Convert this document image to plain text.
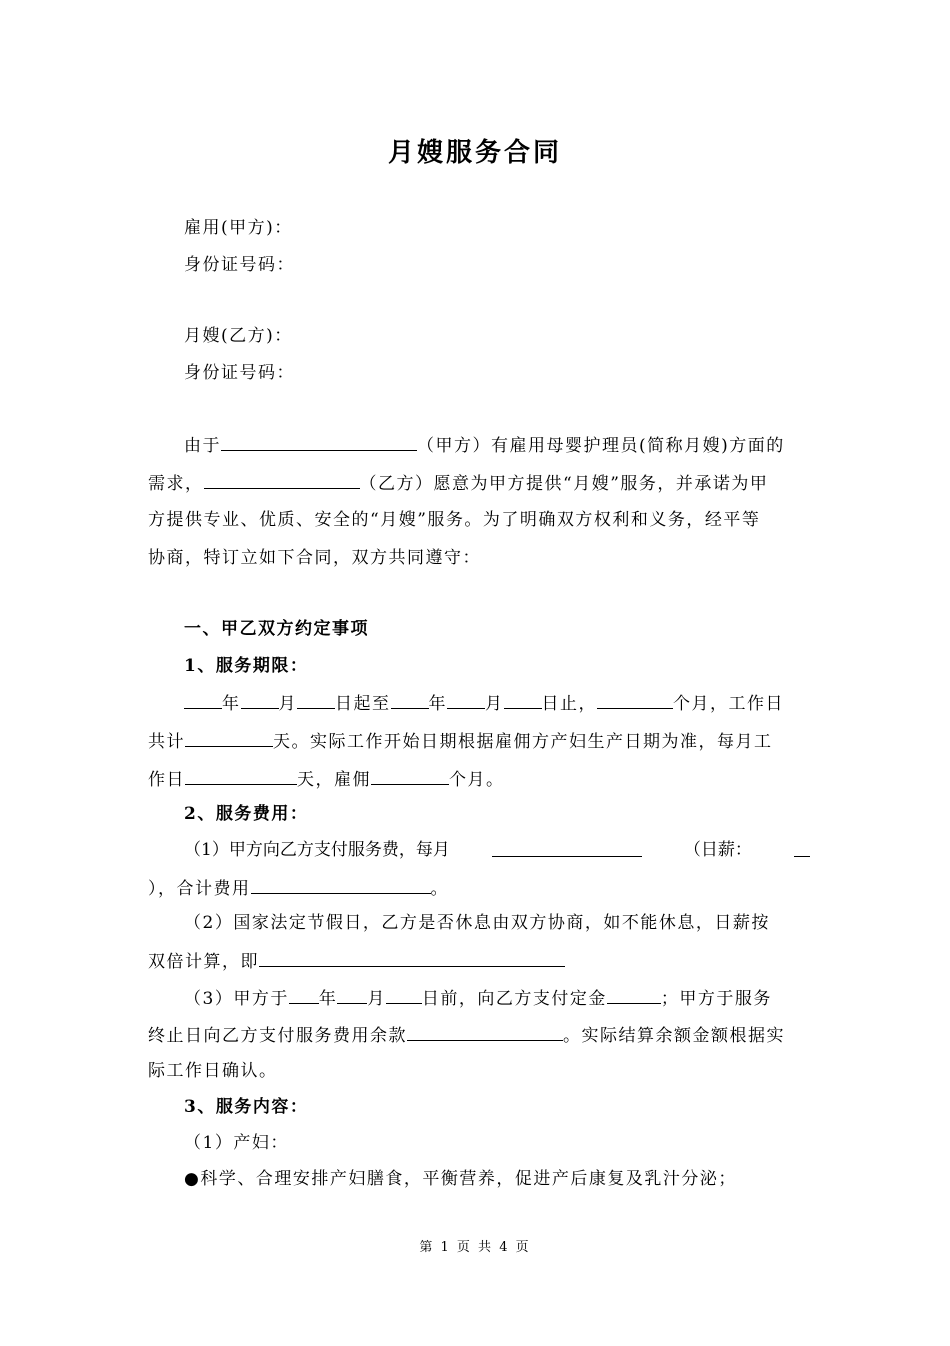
月嫂服务合同
雇用(甲方)：
身份证号码：
月嫂(乙方)：
身份证号码：
由于	（甲方）有雇用母婴护理员(简称月嫂)方面的
需求，	（乙方）愿意为甲方提供“月嫂”服务，并承诺为甲
方提供专业、优质、安全的“月嫂”服务。为了明确双方权利和义务，经平等
协商，特订立如下合同，双方共同遵守：
一、甲乙双方约定事项
1、服务期限：
年 月 日起至 年 月 日止，	个月，工作日
共计	天。实际工作开始日期根据雇佣方产妇生产日期为准，每月工
作日	天，雇佣	个月。
2、服务费用：
（1）甲方向乙方支付服务费，每月	（日薪：
），合计费用	。
（2）国家法定节假日，乙方是否休息由双方协商，如不能休息，日薪按
双倍计算，即
（3）甲方于 年 月 日前，向乙方支付定金	；甲方于服务
终止日向乙方支付服务费用余款	。实际结算余额金额根据实
际工作日确认。
3、服务内容：
（1）产妇：
●科学、合理安排产妇膳食，平衡营养，促进产后康复及乳汁分泌；
第 1 页 共 4 页
